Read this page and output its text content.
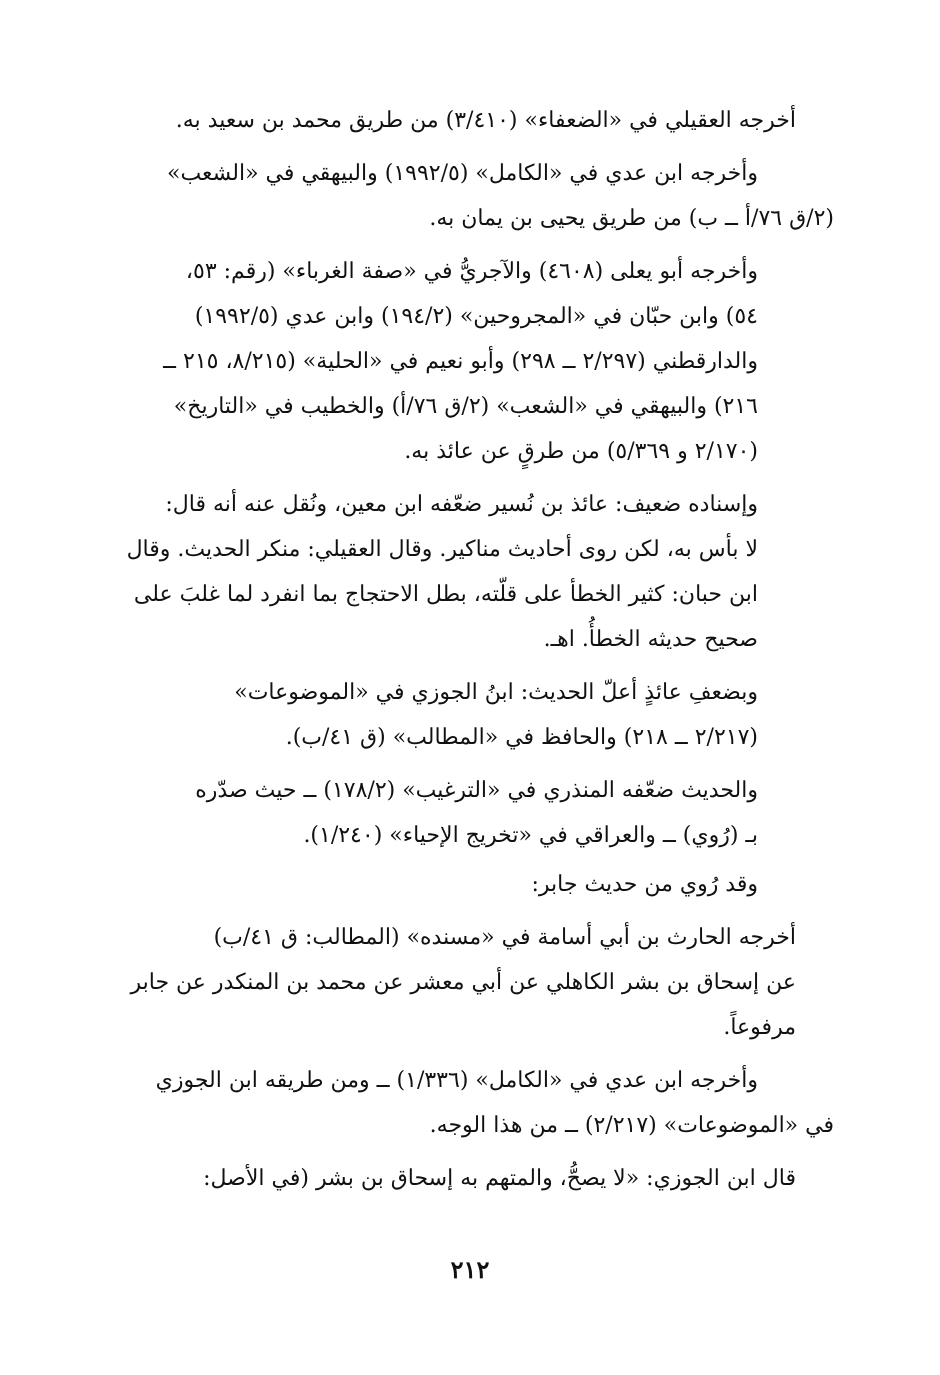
أخرجه العقيلي في «الضعفاء» (٣/٤١٠) من طريق محمد بن سعيد به.

وأخرجه ابن عدي في «الكامل» (١٩٩٢/٥) والبيهقي في «الشعب»
(٢/ق ٧٦/أ ــ ب) من طريق يحيى بن يمان به.

وأخرجه أبو يعلى (٤٦٠٨) والآجريُّ في «صفة الغرباء» (رقم: ٥٣،
٥٤) وابن حبّان في «المجروحين» (١٩٤/٢) وابن عدي (١٩٩٢/٥)
والدارقطني (٢/٢٩٧ ــ ٢٩٨) وأبو نعيم في «الحلية» (٨/٢١٥، ٢١٥ ــ
٢١٦) والبيهقي في «الشعب» (٢/ق ٧٦/أ) والخطيب في «التاريخ»
(٢/١٧٠ و ٥/٣٦٩) من طرقٍ عن عائذ به.

وإسناده ضعيف: عائذ بن نُسير ضعّفه ابن معين، ونُقل عنه أنه قال:
لا بأس به، لكن روى أحاديث مناكير. وقال العقيلي: منكر الحديث. وقال
ابن حبان: كثير الخطأ على قلّته، بطل الاحتجاج بما انفرد لما غلبَ على
صحيح حديثه الخطأُ. اهـ.

وبضعفِ عائذٍ أعلّ الحديث: ابنُ الجوزي في «الموضوعات»
(٢/٢١٧ ــ ٢١٨) والحافظ في «المطالب» (ق ٤١/ب).

والحديث ضعّفه المنذري في «الترغيب» (١٧٨/٢) ــ حيث صدّره
بـ (رُوي) ــ والعراقي في «تخريج الإحياء» (١/٢٤٠).

وقد رُوي من حديث جابر:

أخرجه الحارث بن أبي أسامة في «مسنده» (المطالب: ق ٤١/ب)
عن إسحاق بن بشر الكاهلي عن أبي معشر عن محمد بن المنكدر عن جابر
مرفوعاً.

وأخرجه ابن عدي في «الكامل» (١/٣٣٦) ــ ومن طريقه ابن الجوزي
في «الموضوعات» (٢/٢١٧) ــ من هذا الوجه.

قال ابن الجوزي: «لا يصحُّ، والمتهم به إسحاق بن بشر (في الأصل:

٢١٢
